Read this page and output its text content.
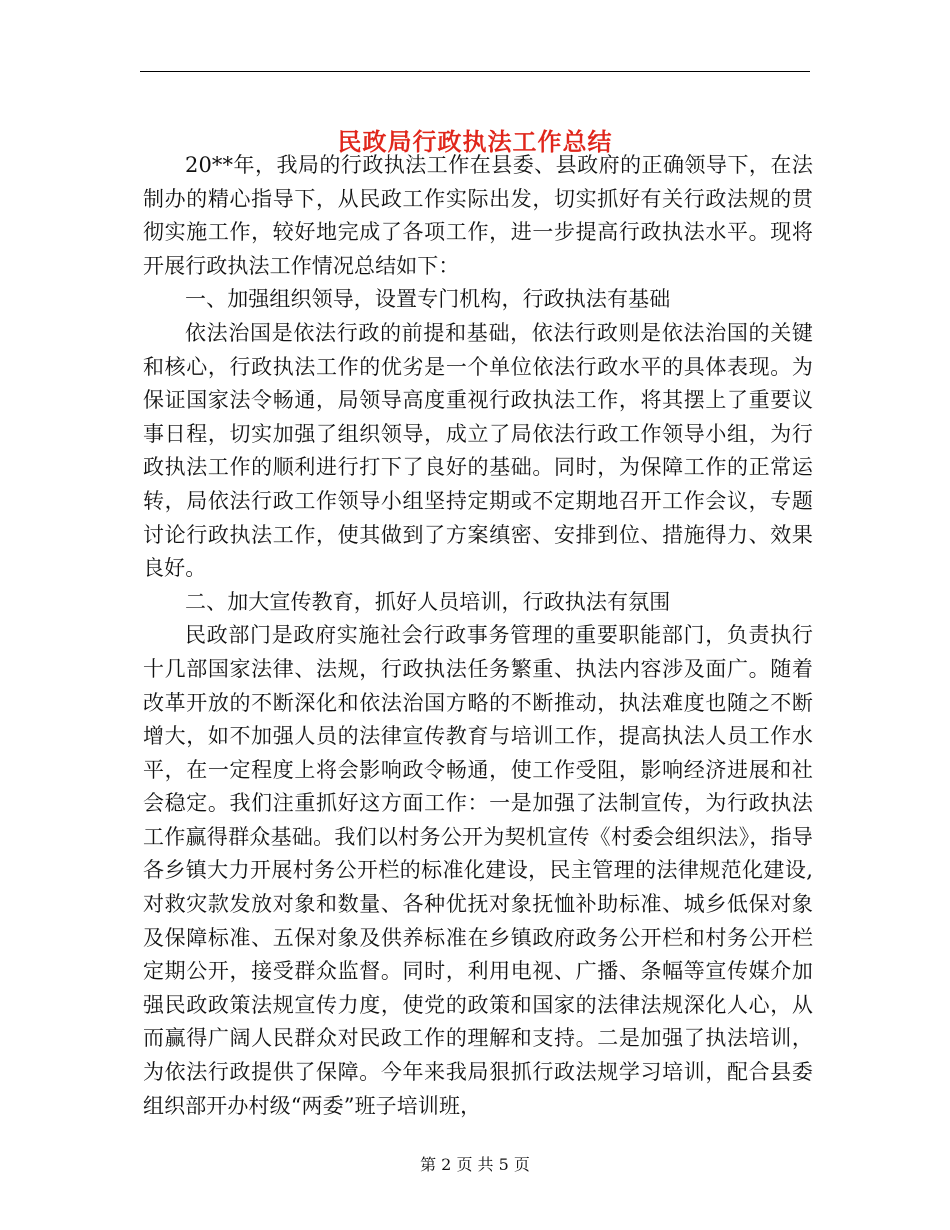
民政局行政执法工作总结

20**年，我局的行政执法工作在县委、县政府的正确领导下，在法制办的精心指导下，从民政工作实际出发，切实抓好有关行政法规的贯彻实施工作，较好地完成了各项工作，进一步提高行政执法水平。现将开展行政执法工作情况总结如下：

一、加强组织领导，设置专门机构，行政执法有基础

依法治国是依法行政的前提和基础，依法行政则是依法治国的关键和核心，行政执法工作的优劣是一个单位依法行政水平的具体表现。为保证国家法令畅通，局领导高度重视行政执法工作，将其摆上了重要议事日程，切实加强了组织领导，成立了局依法行政工作领导小组，为行政执法工作的顺利进行打下了良好的基础。同时，为保障工作的正常运转，局依法行政工作领导小组坚持定期或不定期地召开工作会议，专题讨论行政执法工作，使其做到了方案缜密、安排到位、措施得力、效果良好。

二、加大宣传教育，抓好人员培训，行政执法有氛围

民政部门是政府实施社会行政事务管理的重要职能部门，负责执行十几部国家法律、法规，行政执法任务繁重、执法内容涉及面广。随着改革开放的不断深化和依法治国方略的不断推动，执法难度也随之不断增大，如不加强人员的法律宣传教育与培训工作，提高执法人员工作水平，在一定程度上将会影响政令畅通，使工作受阻，影响经济进展和社会稳定。我们注重抓好这方面工作：一是加强了法制宣传，为行政执法工作赢得群众基础。我们以村务公开为契机宣传《村委会组织法》，指导各乡镇大力开展村务公开栏的标准化建设，民主管理的法律规范化建设,对救灾款发放对象和数量、各种优抚对象抚恤补助标准、城乡低保对象及保障标准、五保对象及供养标准在乡镇政府政务公开栏和村务公开栏定期公开，接受群众监督。同时，利用电视、广播、条幅等宣传媒介加强民政政策法规宣传力度，使党的政策和国家的法律法规深化人心，从而赢得广阔人民群众对民政工作的理解和支持。二是加强了执法培训，为依法行政提供了保障。今年来我局狠抓行政法规学习培训，配合县委组织部开办村级“两委”班子培训班，

第 2 页 共 5 页
